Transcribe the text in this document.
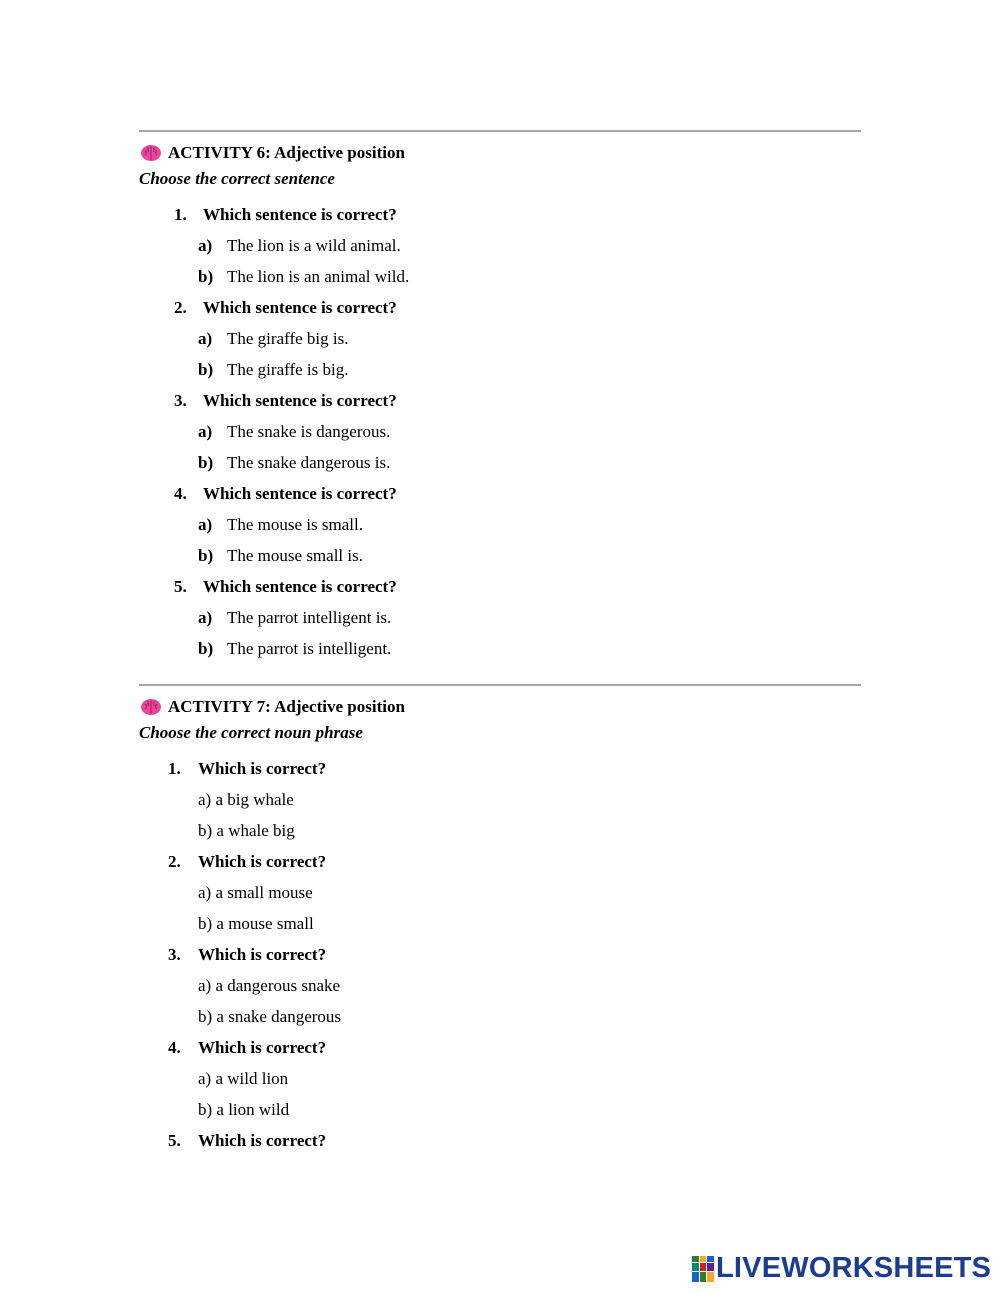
ACTIVITY 6: Adjective position
Choose the correct sentence
1. Which sentence is correct?
a) The lion is a wild animal.
b) The lion is an animal wild.
2. Which sentence is correct?
a) The giraffe big is.
b) The giraffe is big.
3. Which sentence is correct?
a) The snake is dangerous.
b) The snake dangerous is.
4. Which sentence is correct?
a) The mouse is small.
b) The mouse small is.
5. Which sentence is correct?
a) The parrot intelligent is.
b) The parrot is intelligent.
ACTIVITY 7: Adjective position
Choose the correct noun phrase
1. Which is correct?
a) a big whale
b) a whale big
2. Which is correct?
a) a small mouse
b) a mouse small
3. Which is correct?
a) a dangerous snake
b) a snake dangerous
4. Which is correct?
a) a wild lion
b) a lion wild
5. Which is correct?
LIVEWORKSHEETS
